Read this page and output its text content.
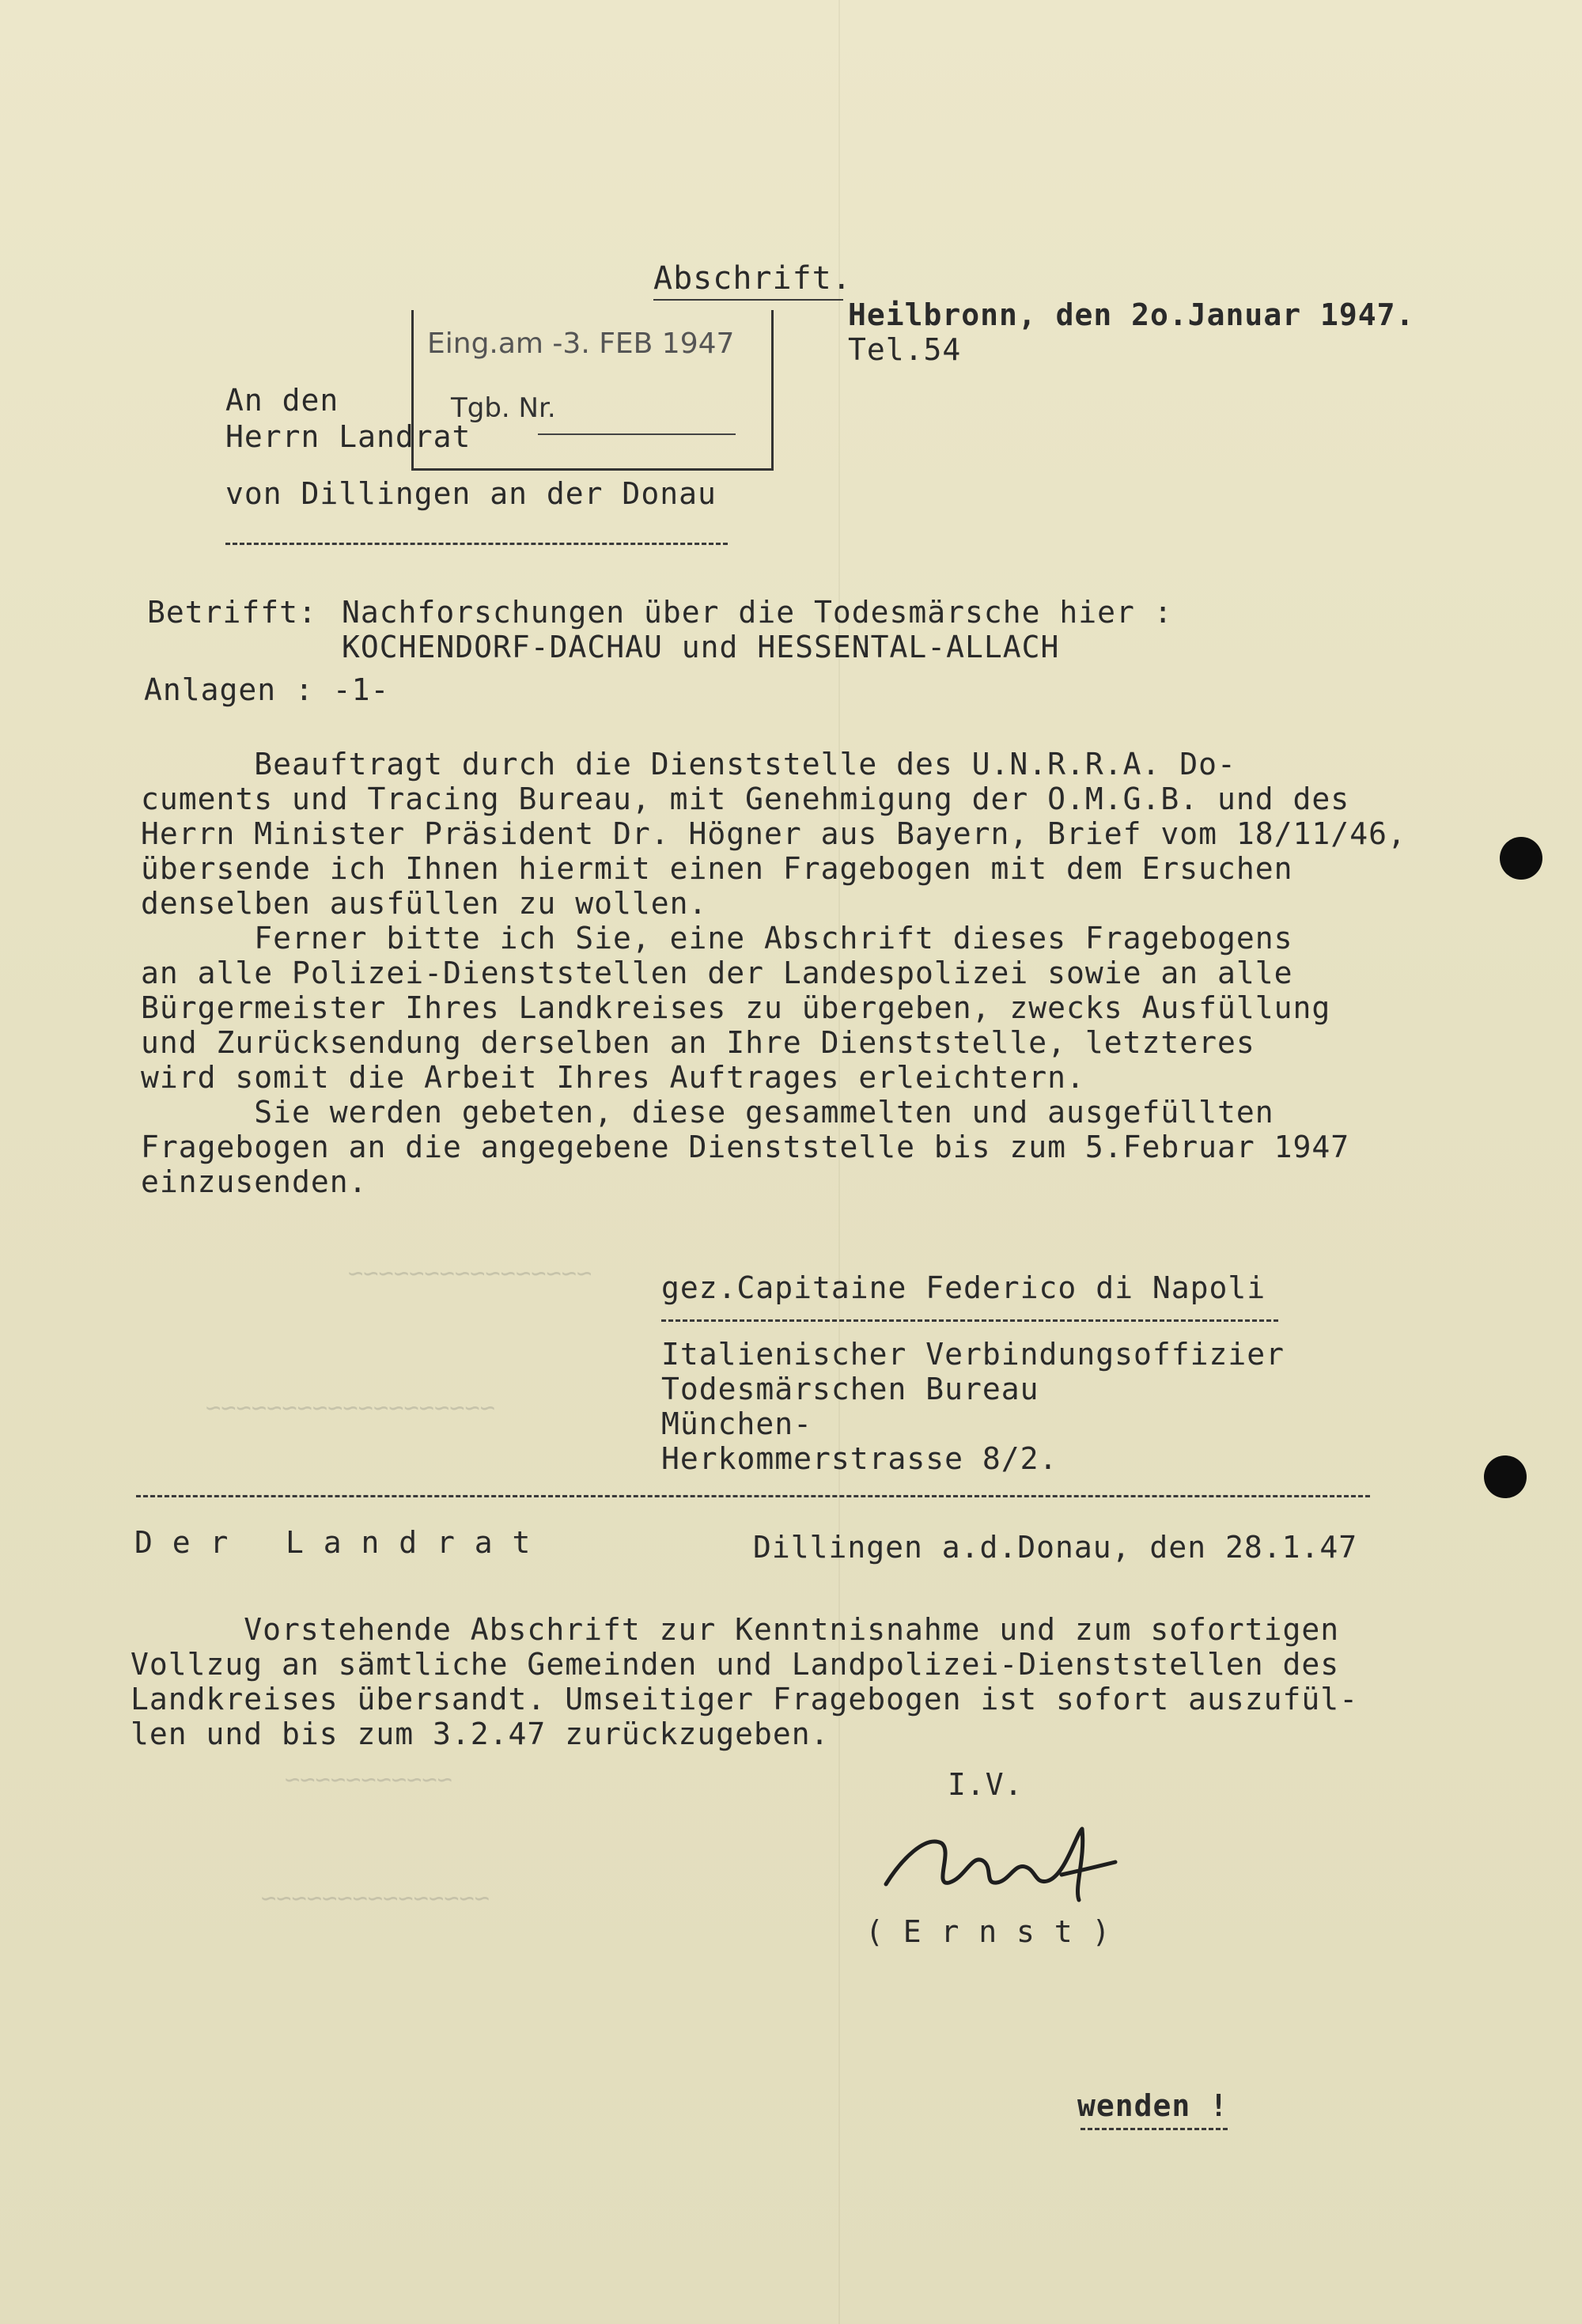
~~~~~~~~~~~~~~~~
~~~~~~~~~~~~~~~~~~~
~~~~~~~~~~~
~~~~~~~~~~~~~~~
Abschrift.
Heilbronn, den 2o.Januar 1947.
Tel.54
Eing.am -3. FEB 1947
Tgb. Nr.
An den
Herrn Landrat
von Dillingen an der Donau
Betrifft: Nachforschungen über die Todesmärsche hier :
KOCHENDORF-DACHAU und HESSENTAL-ALLACH
Anlagen : -1-
Beauftragt durch die Dienststelle des U.N.R.R.A. Do-
cuments und Tracing Bureau, mit Genehmigung der O.M.G.B. und des
Herrn Minister Präsident Dr. Högner aus Bayern, Brief vom 18/11/46,
übersende ich Ihnen hiermit einen Fragebogen mit dem Ersuchen
denselben ausfüllen zu wollen.
Ferner bitte ich Sie, eine Abschrift dieses Fragebogens
an alle Polizei-Dienststellen der Landespolizei sowie an alle
Bürgermeister Ihres Landkreises zu übergeben, zwecks Ausfüllung
und Zurücksendung derselben an Ihre Dienststelle, letzteres
wird somit die Arbeit Ihres Auftrages erleichtern.
Sie werden gebeten, diese gesammelten und ausgefüllten
Fragebogen an die angegebene Dienststelle bis zum 5.Februar 1947
einzusenden.
gez.Capitaine Federico di Napoli
Italienischer Verbindungsoffizier
Todesmärschen Bureau
München-
Herkommerstrasse 8/2.
D e r   L a n d r a t	Dillingen a.d.Donau, den 28.1.47
Vorstehende Abschrift zur Kenntnisnahme und zum sofortigen
Vollzug an sämtliche Gemeinden und Landpolizei-Dienststellen des
Landkreises übersandt. Umseitiger Fragebogen ist sofort auszufül-
len und bis zum 3.2.47 zurückzugeben.
I.V.
( E r n s t )
wenden !
